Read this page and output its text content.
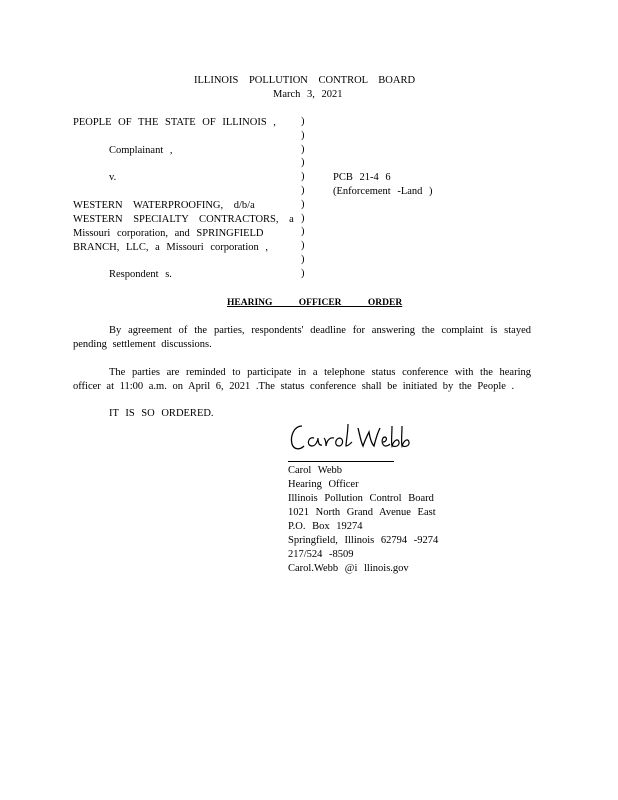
ILLINOIS POLLUTION CONTROL BOARD
March 3, 2021
PEOPLE OF THE STATE OF ILLINOIS ,
Complainant ,
v.
WESTERN WATERPROOFING, d/b/a
WESTERN SPECIALTY CONTRACTORS, a
Missouri corporation, and SPRINGFIELD
BRANCH, LLC, a Missouri corporation ,
Respondent s.
)
)
)
)
)
)
)
)
)
)
)
)
PCB 21-4 6
(Enforcement -Land )
HEARING OFFICER ORDER
By agreement of the parties, respondents' deadline for answering the complaint is stayed pending settlement discussions.
The parties are reminded to participate in a telephone status conference with the hearing officer at 11:00 a.m. on April 6, 2021 .The status conference shall be initiated by the People .
IT IS SO ORDERED.
Carol Webb
Hearing Officer
Illinois Pollution Control Board
1021 North Grand Avenue East
P.O. Box 19274
Springfield, Illinois 62794 -9274
217/524 -8509
Carol.Webb @i llinois.gov
